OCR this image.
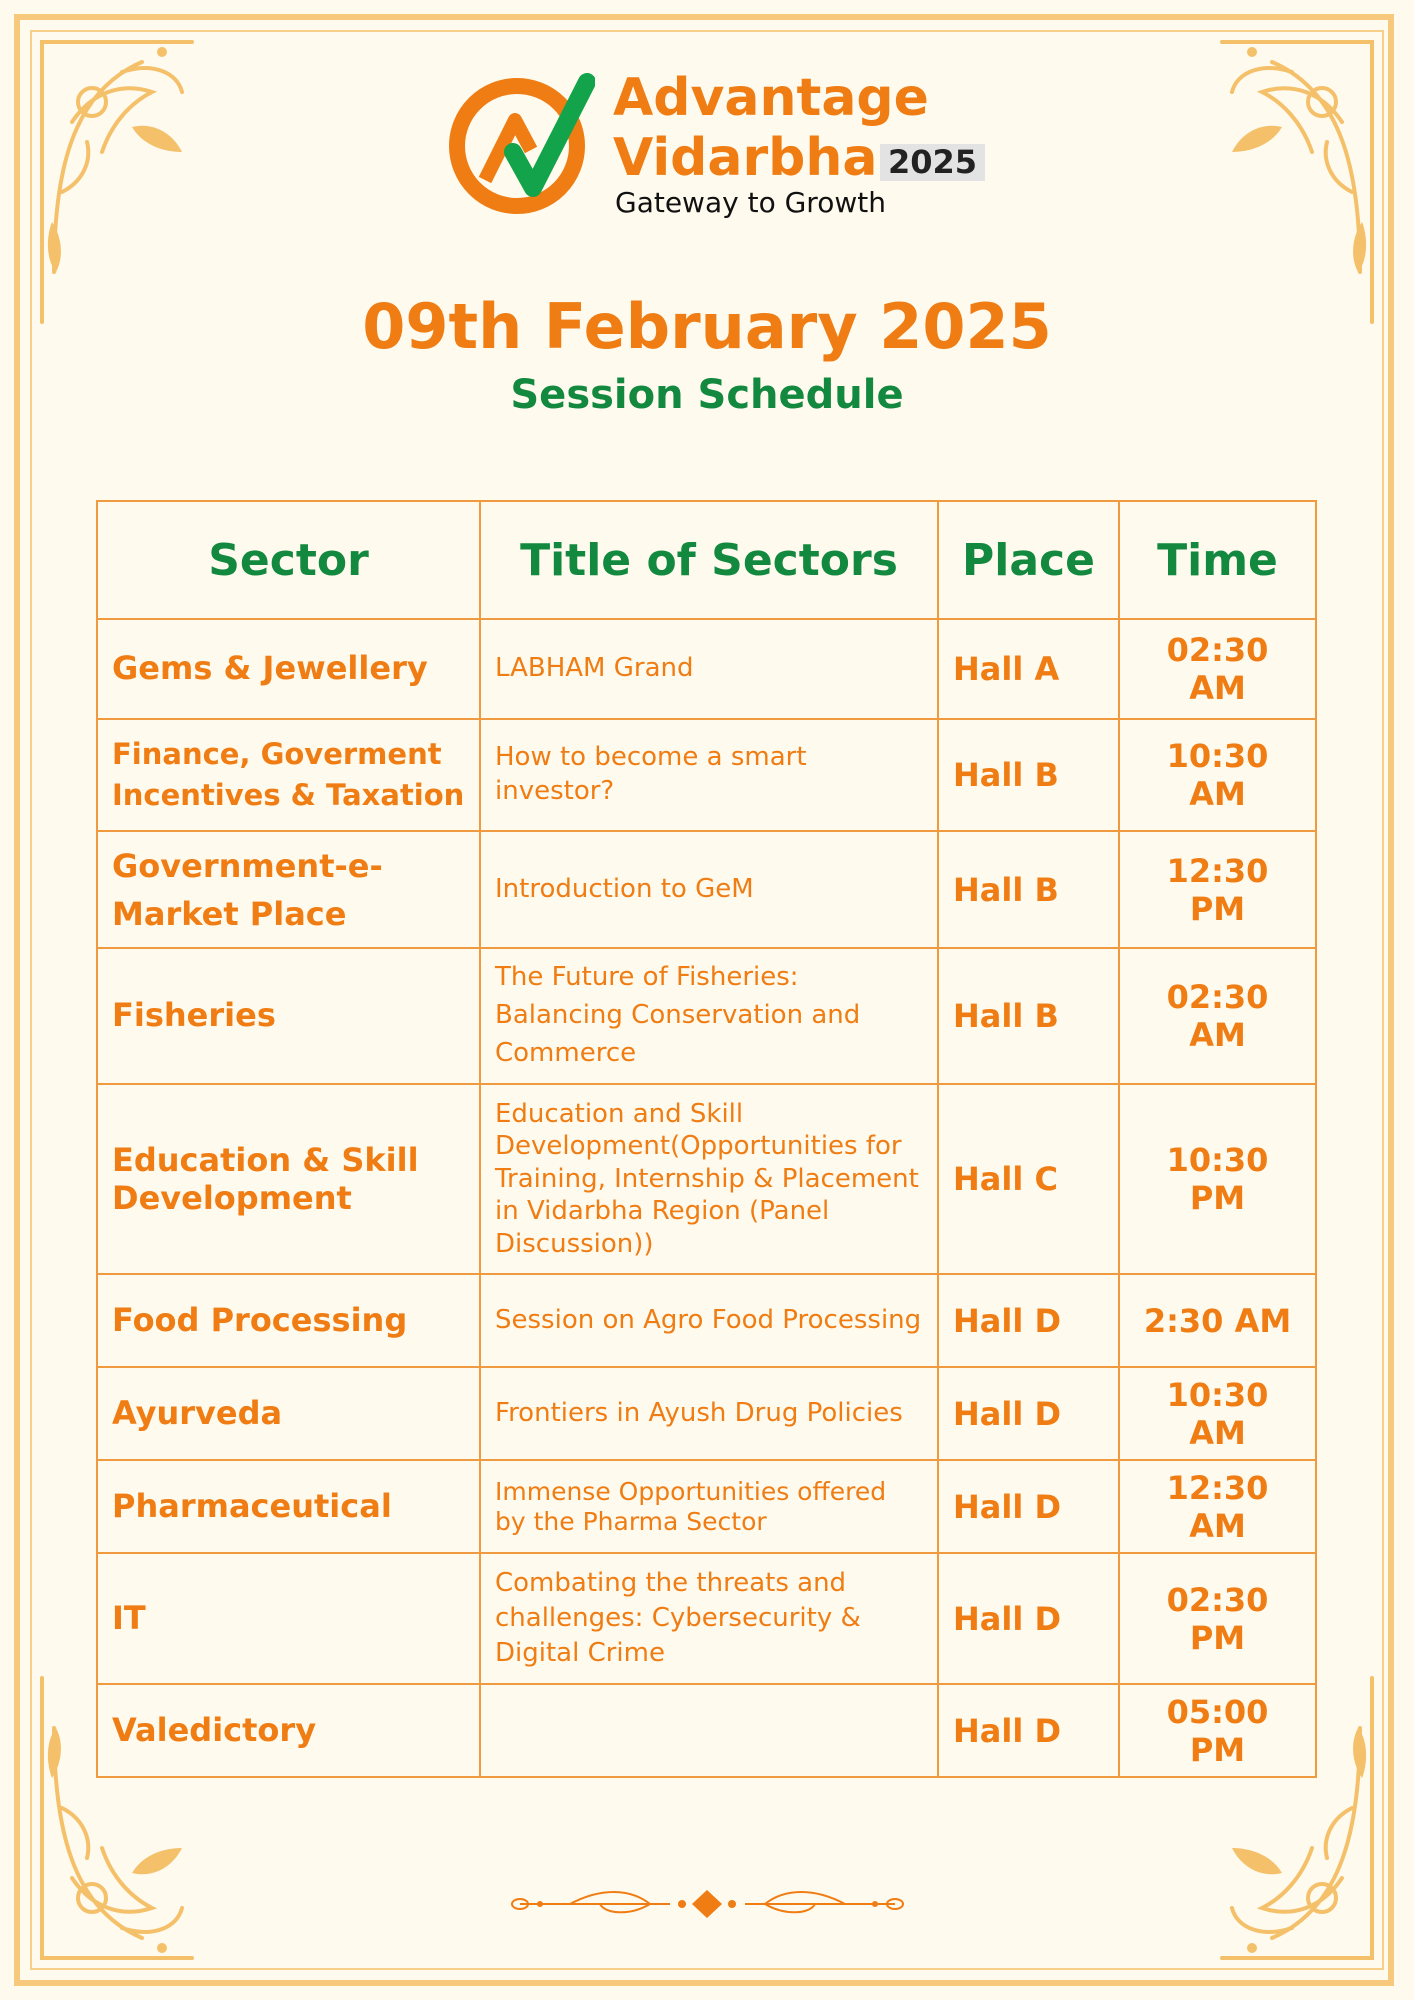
Advantage
Vidarbha 2025
Gateway to Growth
09th February 2025
Session Schedule
Sector	Title of Sectors	Place	Time
Gems & Jewellery	LABHAM Grand	Hall A	02:30 AM
Finance, Goverment Incentives & Taxation	How to become a smart investor?	Hall B	10:30 AM
Government-e-Market Place	Introduction to GeM	Hall B	12:30 PM
Fisheries	The Future of Fisheries: Balancing Conservation and Commerce	Hall B	02:30 AM
Education & Skill Development	Education and Skill Development(Opportunities for Training, Internship & Placement in Vidarbha Region (Panel Discussion))	Hall C	10:30 PM
Food Processing	Session on Agro Food Processing	Hall D	2:30 AM
Ayurveda	Frontiers in Ayush Drug Policies	Hall D	10:30 AM
Pharmaceutical	Immense Opportunities offered by the Pharma Sector	Hall D	12:30 AM
IT	Combating the threats and challenges: Cybersecurity & Digital Crime	Hall D	02:30 PM
Valedictory		Hall D	05:00 PM
